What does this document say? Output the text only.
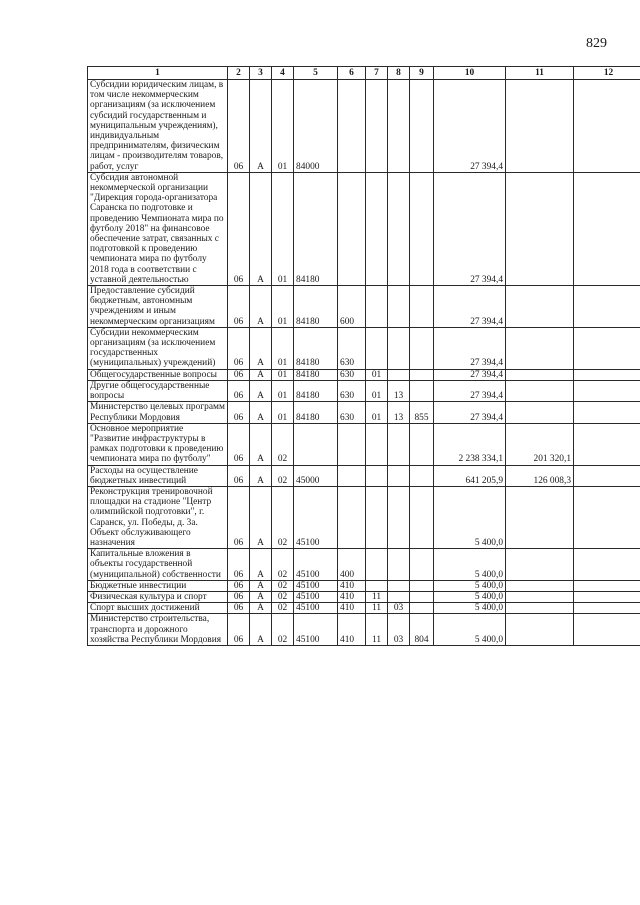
829
1	2	3	4	5	6	7	8	9	10	11	12
Субсидии юридическим лицам, в том числе некоммерческим организациям (за исключением субсидий государственным и муниципальным учреждениям), индивидуальным предпринимателям, физическим лицам - производителям товаров, работ, услуг	06	А	01	84000					27 394,4		
Субсидия автономной некоммерческой организации "Дирекция города-организатора Саранска по подготовке и проведению Чемпионата мира по футболу 2018" на финансовое обеспечение затрат, связанных с подготовкой к проведению чемпионата мира по футболу 2018 года в соответствии с уставной деятельностью	06	А	01	84180					27 394,4		
Предоставление субсидий бюджетным, автономным учреждениям и иным некоммерческим организациям	06	А	01	84180	600				27 394,4		
Субсидии некоммерческим организациям (за исключением государственных (муниципальных) учреждений)	06	А	01	84180	630				27 394,4		
Общегосударственные вопросы	06	А	01	84180	630	01			27 394,4		
Другие общегосударственные вопросы	06	А	01	84180	630	01	13		27 394,4		
Министерство целевых программ Республики Мордовия	06	А	01	84180	630	01	13	855	27 394,4		
Основное мероприятие "Развитие инфраструктуры в рамках подготовки к проведению чемпионата мира по футболу"	06	А	02						2 238 334,1	201 320,1	
Расходы на осуществление бюджетных инвестиций	06	А	02	45000					641 205,9	126 008,3	
Реконструкция тренировочной площадки на стадионе "Центр олимпийской подготовки", г. Саранск, ул. Победы, д. 3а. Объект обслуживающего назначения	06	А	02	45100					5 400,0		
Капитальные вложения в объекты государственной (муниципальной) собственности	06	А	02	45100	400				5 400,0		
Бюджетные инвестиции	06	А	02	45100	410				5 400,0		
Физическая культура и спорт	06	А	02	45100	410	11			5 400,0		
Спорт высших достижений	06	А	02	45100	410	11	03		5 400,0		
Министерство строительства, транспорта и дорожного хозяйства Республики Мордовия	06	А	02	45100	410	11	03	804	5 400,0		
